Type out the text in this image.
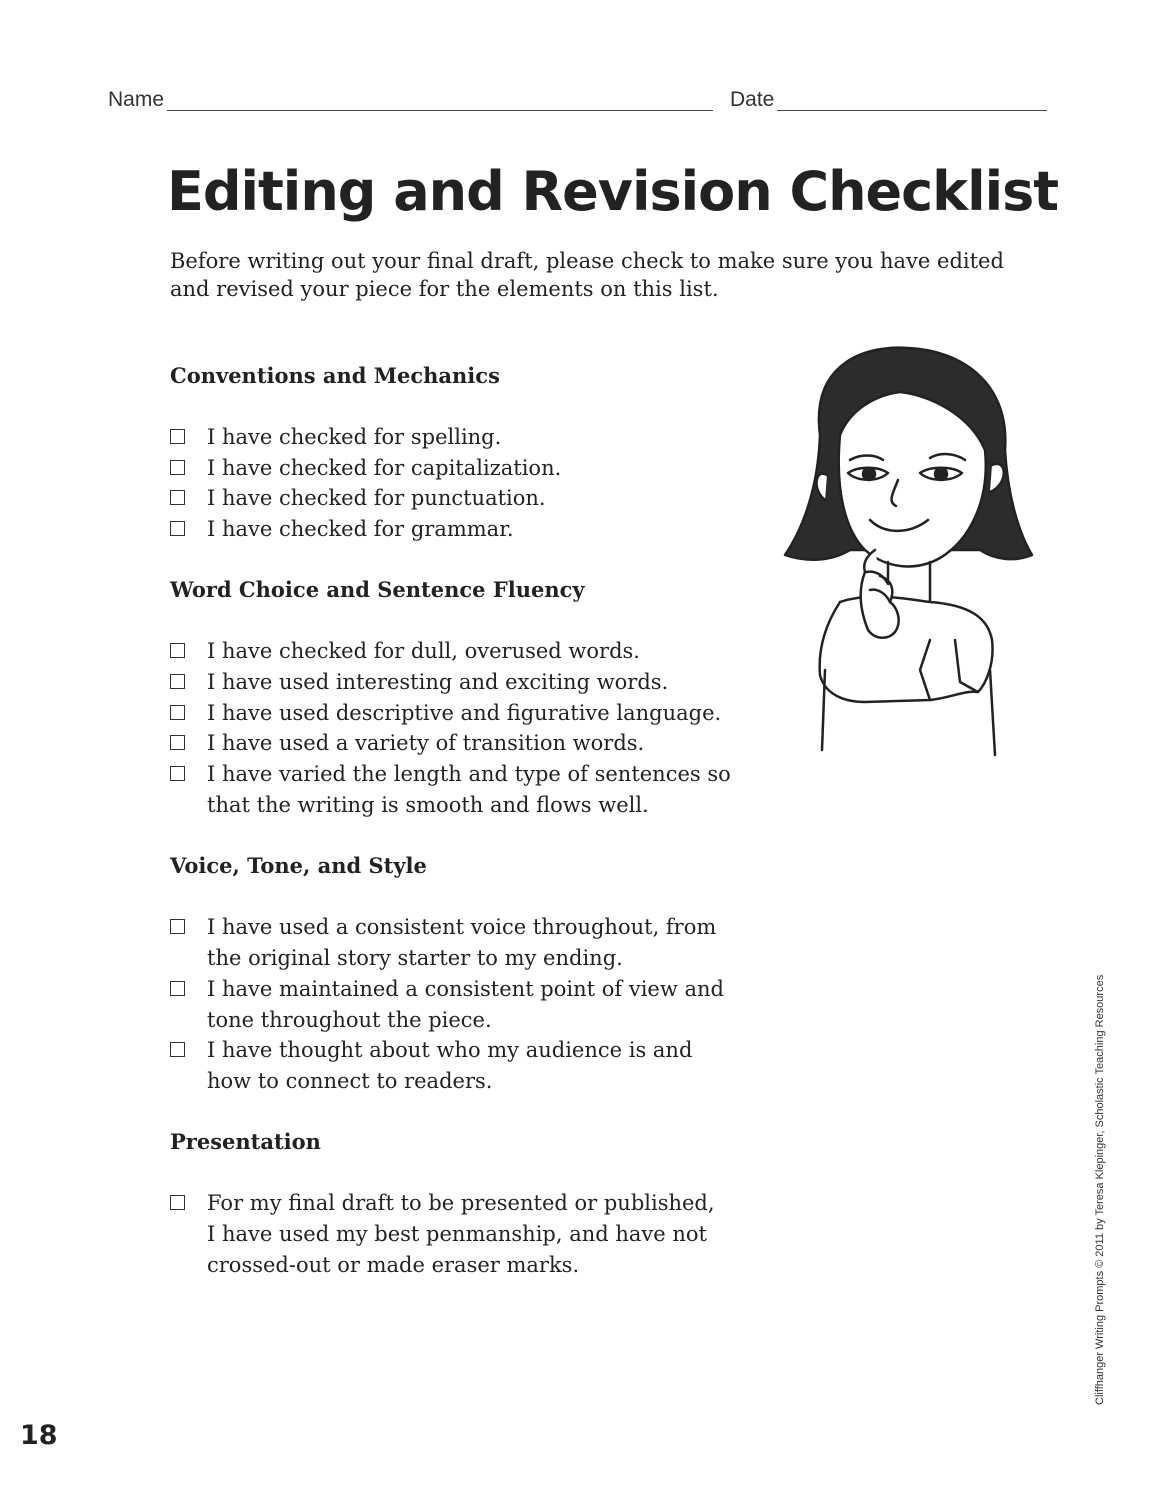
Name	Date
Editing and Revision Checklist
Before writing out your final draft, please check to make sure you have edited
and revised your piece for the elements on this list.
Conventions and Mechanics
I have checked for spelling.
I have checked for capitalization.
I have checked for punctuation.
I have checked for grammar.
Word Choice and Sentence Fluency
I have checked for dull, overused words.
I have used interesting and exciting words.
I have used descriptive and figurative language.
I have used a variety of transition words.
I have varied the length and type of sentences so
that the writing is smooth and flows well.
Voice, Tone, and Style
I have used a consistent voice throughout, from
the original story starter to my ending.
I have maintained a consistent point of view and
tone throughout the piece.
I have thought about who my audience is and
how to connect to readers.
Presentation
For my final draft to be presented or published,
I have used my best penmanship, and have not
crossed-out or made eraser marks.
18
Cliffhanger Writing Prompts © 2011 by Teresa Klepinger, Scholastic Teaching Resources
